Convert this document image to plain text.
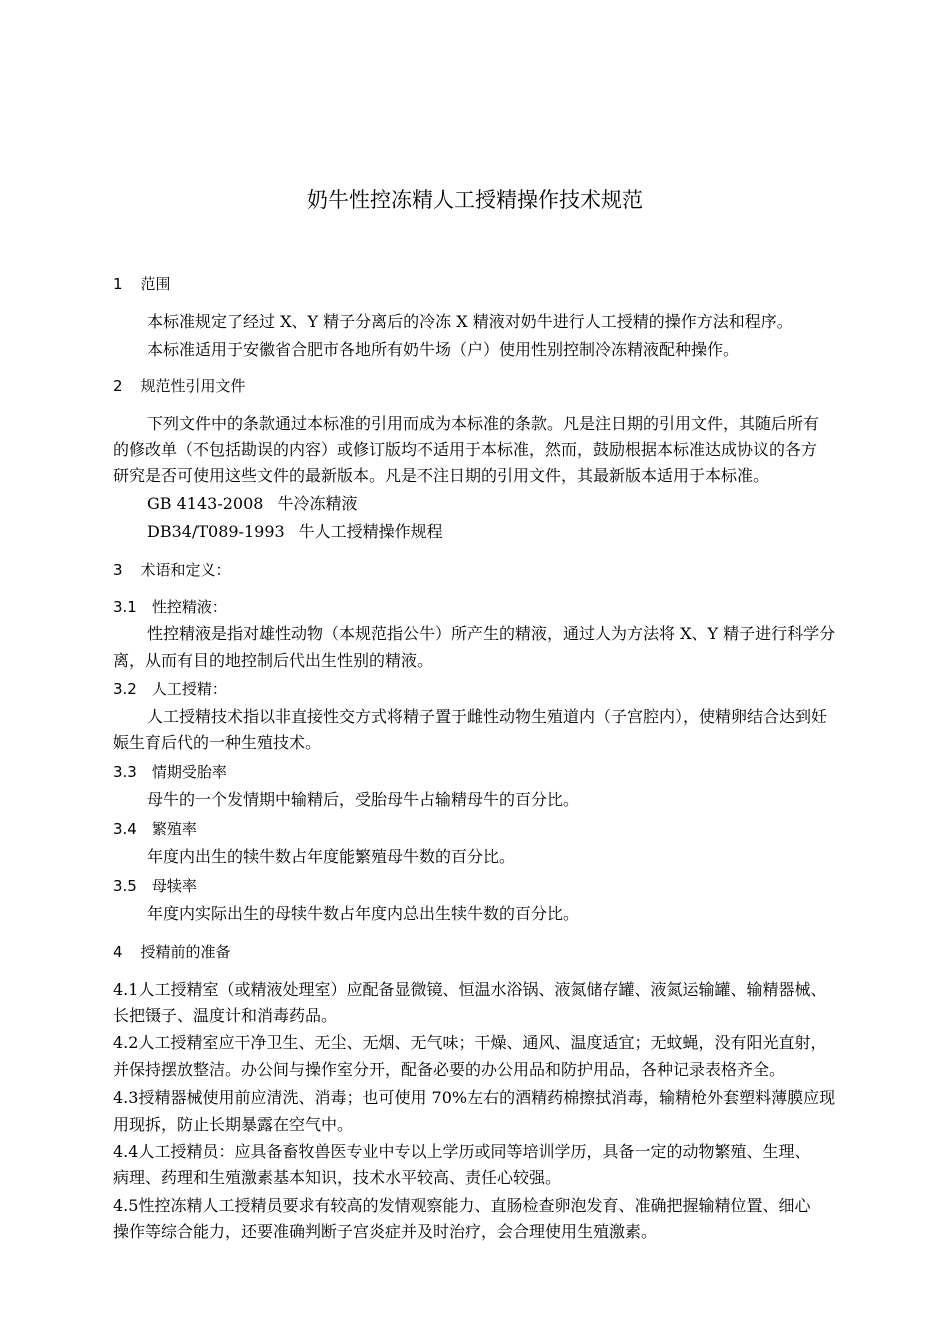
奶牛性控冻精人工授精操作技术规范
1 范围
本标准规定了经过 X、Y 精子分离后的冷冻 X 精液对奶牛进行人工授精的操作方法和程序。
本标准适用于安徽省合肥市各地所有奶牛场（户）使用性别控制冷冻精液配种操作。
2 规范性引用文件
下列文件中的条款通过本标准的引用而成为本标准的条款。凡是注日期的引用文件，其随后所有
的修改单（不包括勘误的内容）或修订版均不适用于本标准，然而，鼓励根据本标准达成协议的各方
研究是否可使用这些文件的最新版本。凡是不注日期的引用文件，其最新版本适用于本标准。
GB 4143-2008 牛冷冻精液
DB34/T089-1993 牛人工授精操作规程
3 术语和定义：
3.1 性控精液：
性控精液是指对雄性动物（本规范指公牛）所产生的精液，通过人为方法将 X、Y 精子进行科学分
离，从而有目的地控制后代出生性别的精液。
3.2 人工授精：
人工授精技术指以非直接性交方式将精子置于雌性动物生殖道内（子宫腔内），使精卵结合达到妊
娠生育后代的一种生殖技术。
3.3 情期受胎率
母牛的一个发情期中输精后，受胎母牛占输精母牛的百分比。
3.4 繁殖率
年度内出生的犊牛数占年度能繁殖母牛数的百分比。
3.5 母犊率
年度内实际出生的母犊牛数占年度内总出生犊牛数的百分比。
4 授精前的准备
4.1人工授精室（或精液处理室）应配备显微镜、恒温水浴锅、液氮储存罐、液氮运输罐、输精器械、
长把镊子、温度计和消毒药品。
4.2人工授精室应干净卫生、无尘、无烟、无气味；干燥、通风、温度适宜；无蚊蝇，没有阳光直射，
并保持摆放整洁。办公间与操作室分开，配备必要的办公用品和防护用品，各种记录表格齐全。
4.3授精器械使用前应清洗、消毒；也可使用 70%左右的酒精药棉擦拭消毒，输精枪外套塑料薄膜应现
用现拆，防止长期暴露在空气中。
4.4人工授精员：应具备畜牧兽医专业中专以上学历或同等培训学历，具备一定的动物繁殖、生理、
病理、药理和生殖激素基本知识，技术水平较高、责任心较强。
4.5性控冻精人工授精员要求有较高的发情观察能力、直肠检查卵泡发育、准确把握输精位置、细心
操作等综合能力，还要准确判断子宫炎症并及时治疗，会合理使用生殖激素。
